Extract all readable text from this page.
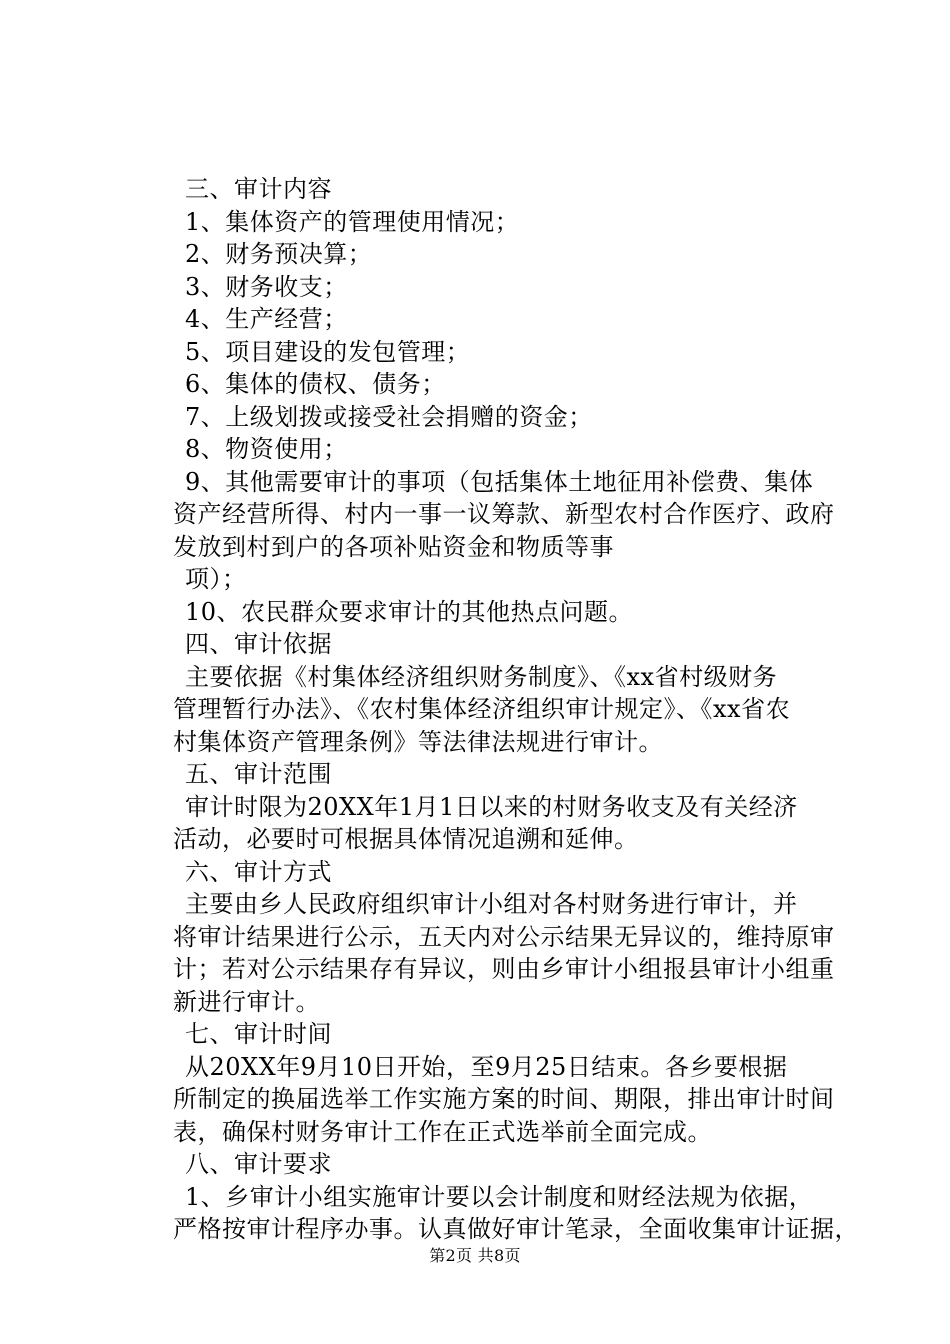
三、审计内容
1、集体资产的管理使用情况；
2、财务预决算；
3、财务收支；
4、生产经营；
5、项目建设的发包管理；
6、集体的债权、债务；
7、上级划拨或接受社会捐赠的资金；
8、物资使用；
9、其他需要审计的事项（包括集体土地征用补偿费、集体
资产经营所得、村内一事一议筹款、新型农村合作医疗、政府
发放到村到户的各项补贴资金和物质等事
项）；
10、农民群众要求审计的其他热点问题。
四、审计依据
主要依据《村集体经济组织财务制度》、《xx省村级财务
管理暂行办法》、《农村集体经济组织审计规定》、《xx省农
村集体资产管理条例》等法律法规进行审计。
五、审计范围
审计时限为20XX年1月1日以来的村财务收支及有关经济
活动，必要时可根据具体情况追溯和延伸。
六、审计方式
主要由乡人民政府组织审计小组对各村财务进行审计，并
将审计结果进行公示，五天内对公示结果无异议的，维持原审
计；若对公示结果存有异议，则由乡审计小组报县审计小组重
新进行审计。
七、审计时间
从20XX年9月10日开始，至9月25日结束。各乡要根据
所制定的换届选举工作实施方案的时间、期限，排出审计时间
表，确保村财务审计工作在正式选举前全面完成。
八、审计要求
1、乡审计小组实施审计要以会计制度和财经法规为依据，
严格按审计程序办事。认真做好审计笔录，全面收集审计证据，
第2页 共8页
